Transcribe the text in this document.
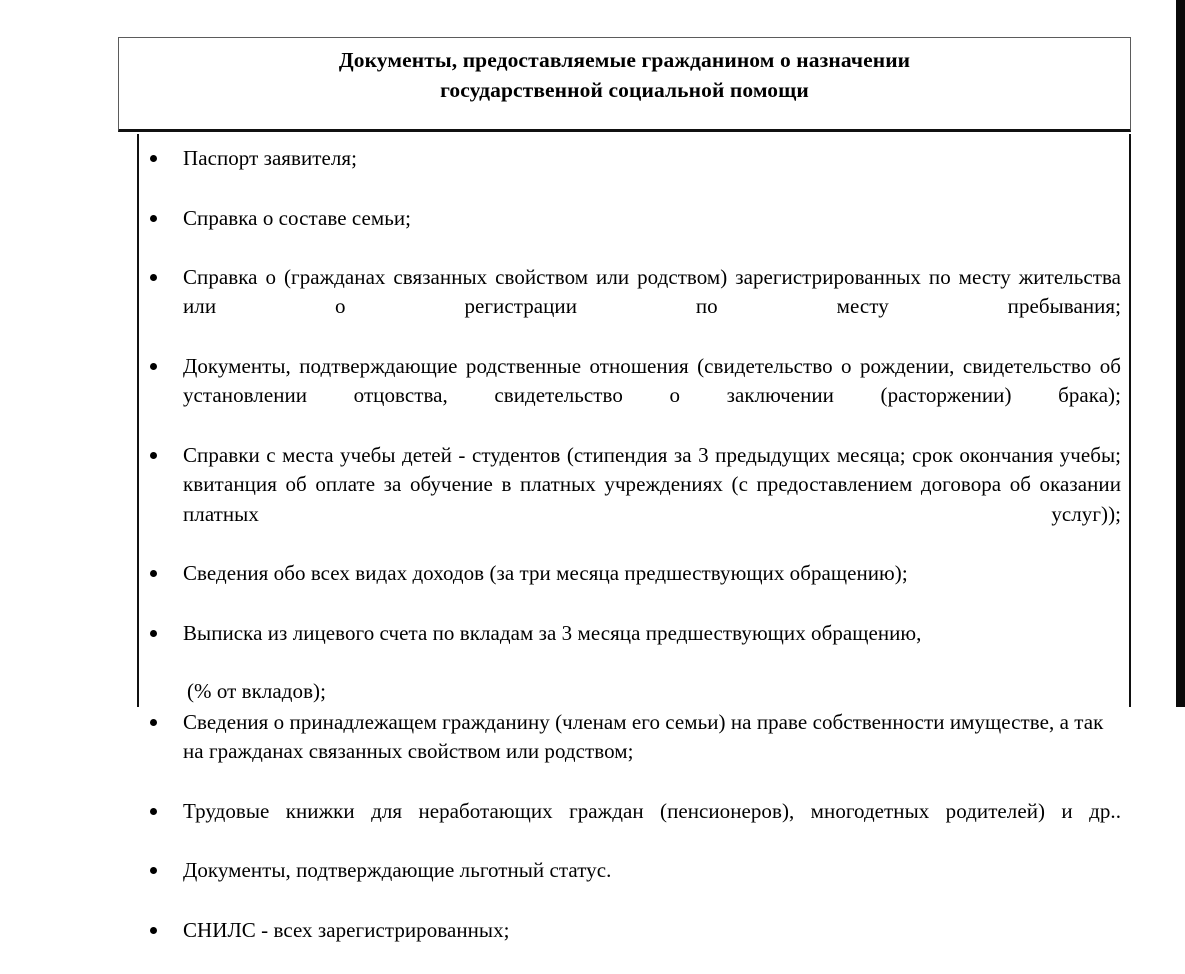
Документы, предоставляемые гражданином о назначении
государственной социальной помощи
Паспорт заявителя;
Справка о составе семьи;
Справка о (гражданах связанных свойством или родством) зарегистрированных по месту жительства или о регистрации по месту пребывания;
Документы, подтверждающие родственные отношения (свидетельство о рождении, свидетельство об установлении отцовства, свидетельство о заключении (расторжении) брака);
Справки с места учебы детей - студентов (стипендия за 3 предыдущих месяца; срок окончания учебы; квитанция об оплате за обучение в платных учреждениях (с предоставлением договора об оказании платных услуг));
Сведения обо всех видах доходов (за три месяца предшествующих обращению);
Выписка из лицевого счета по вкладам за 3 месяца предшествующих обращению,
(% от вкладов);
Сведения о принадлежащем гражданину (членам его семьи) на праве собственности имуществе, а так на гражданах связанных свойством или родством;
Трудовые книжки для неработающих граждан (пенсионеров), многодетных родителей) и др..
Документы, подтверждающие льготный статус.
СНИЛС - всех зарегистрированных;
